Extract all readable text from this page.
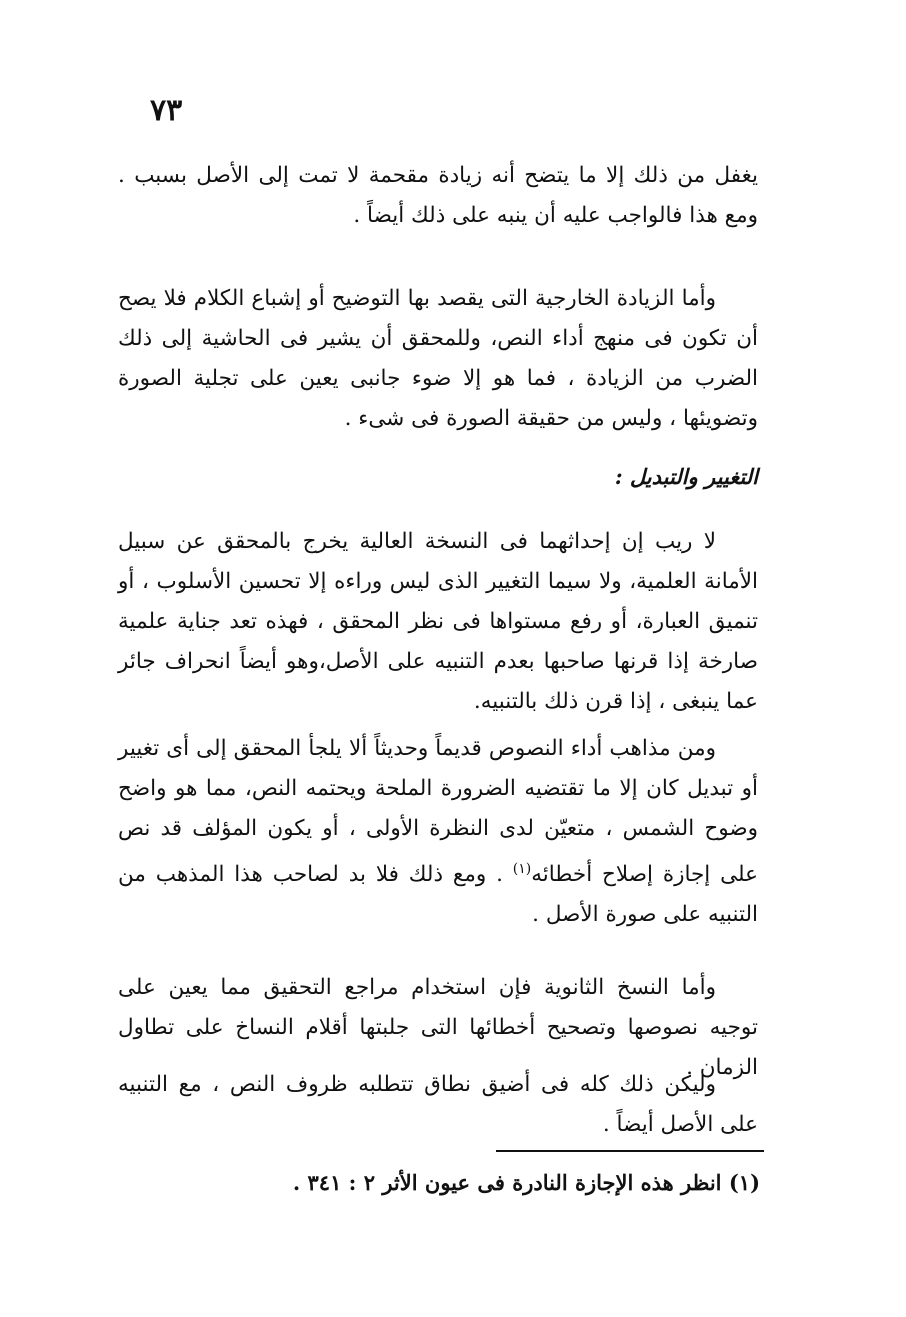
٧٣

يغفل من ذلك إلا ما يتضح أنه زيادة مقحمة لا تمت إلى الأصل بسبب . ومع هذا فالواجب عليه أن ينبه على ذلك أيضاً .

وأما الزيادة الخارجية التى يقصد بها التوضيح أو إشباع الكلام فلا يصح أن تكون فى منهج أداء النص، وللمحقق أن يشير فى الحاشية إلى ذلك الضرب من الزيادة ، فما هو إلا ضوء جانبى يعين على تجلية الصورة وتضويئها ، وليس من حقيقة الصورة فى شىء .

التغيير والتبديل :

لا ريب إن إحداثهما فى النسخة العالية يخرج بالمحقق عن سبيل الأمانة العلمية، ولا سيما التغيير الذى ليس وراءه إلا تحسين الأسلوب ، أو تنميق العبارة، أو رفع مستواها فى نظر المحقق ، فهذه تعد جناية علمية صارخة إذا قرنها صاحبها بعدم التنبيه على الأصل،وهو أيضاً انحراف جائر عما ينبغى ، إذا قرن ذلك بالتنبيه.

ومن مذاهب أداء النصوص قديماً وحديثاً ألا يلجأ المحقق إلى أى تغيير أو تبديل كان إلا ما تقتضيه الضرورة الملحة ويحتمه النص، مما هو واضح وضوح الشمس ، متعيّن لدى النظرة الأولى ، أو يكون المؤلف قد نص على إجازة إصلاح أخطائه$^{(١)}$ . ومع ذلك فلا بد لصاحب هذا المذهب من التنبيه على صورة الأصل .

وأما النسخ الثانوية فإن استخدام مراجع التحقيق مما يعين على توجيه نصوصها وتصحيح أخطائها التى جلبتها أقلام النساخ على تطاول الزمان .

وليكن ذلك كله فى أضيق نطاق تتطلبه ظروف النص ، مع التنبيه على الأصل أيضاً .

(١) انظر هذه الإجازة النادرة فى عيون الأثر ٢ : ٣٤١ .
